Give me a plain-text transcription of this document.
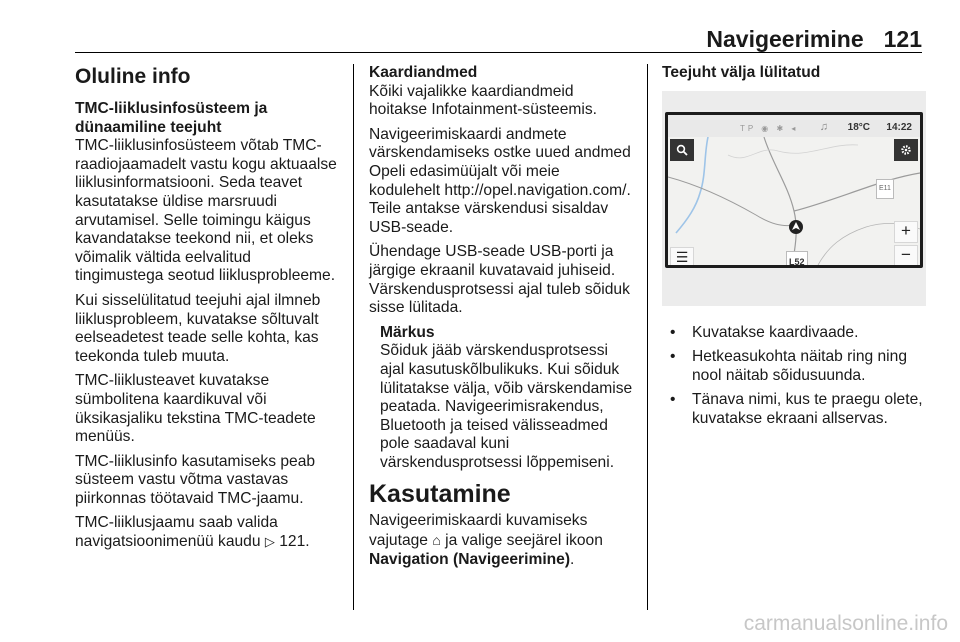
Navigeerimine 121
Oluline info
TMC-liiklusinfosüsteem ja dünaamiline teejuht

TMC-liiklusinfosüsteem võtab TMC-raadiojaamadelt vastu kogu aktuaalse liiklusinformatsiooni. Seda teavet kasutatakse üldise marsruudi arvutamisel. Selle toimingu käigus kavandatakse teekond nii, et oleks võimalik vältida eelvalitud tingimustega seotud liiklusprobleeme.

Kui sisselülitatud teejuhi ajal ilmneb liiklusprobleem, kuvatakse sõltuvalt eelseadetest teade selle kohta, kas teekonda tuleb muuta.

TMC-liiklusteavet kuvatakse sümbolitena kaardikuval või üksikasjaliku tekstina TMC-teadete menüüs.

TMC-liiklusinfo kasutamiseks peab süsteem vastu võtma vastavas piirkonnas töötavaid TMC-jaamu.

TMC-liiklusjaamu saab valida navigatsioonimenüü kaudu ▷ 121.

Kaardiandmed

Kõiki vajalikke kaardiandmeid hoitakse Infotainment-süsteemis.

Navigeerimiskaardi andmete värskendamiseks ostke uued andmed Opeli edasimüüjalt või meie kodulehelt http://opel.navigation.com/. Teile antakse värskendusi sisaldav USB-seade.

Ühendage USB-seade USB-porti ja järgige ekraanil kuvatavaid juhiseid. Värskendusprotsessi ajal tuleb sõiduk sisse lülitada.

Märkus

Sõiduk jääb värskendusprotsessi ajal kasutuskõlbulikuks. Kui sõiduk lülitatakse välja, võib värskendamise peatada. Navigeerimisrakendus, Bluetooth ja teised välisseadmed pole saadaval kuni värskendusprotsessi lõppemiseni.

Kasutamine

Navigeerimiskaardi kuvamiseks vajutage ⌂ ja valige seejärel ikoon Navigation (Navigeerimine).

Teejuht välja lülitatud
TP ◉ ✱ ◂ ♫ 18°C 14:22
+
−
☰	L52
E11
• Kuvatakse kaardivaade.
• Hetkeasukohta näitab ring ning nool näitab sõidusuunda.
• Tänava nimi, kus te praegu olete, kuvatakse ekraani allservas.
carmanualsonline.info
